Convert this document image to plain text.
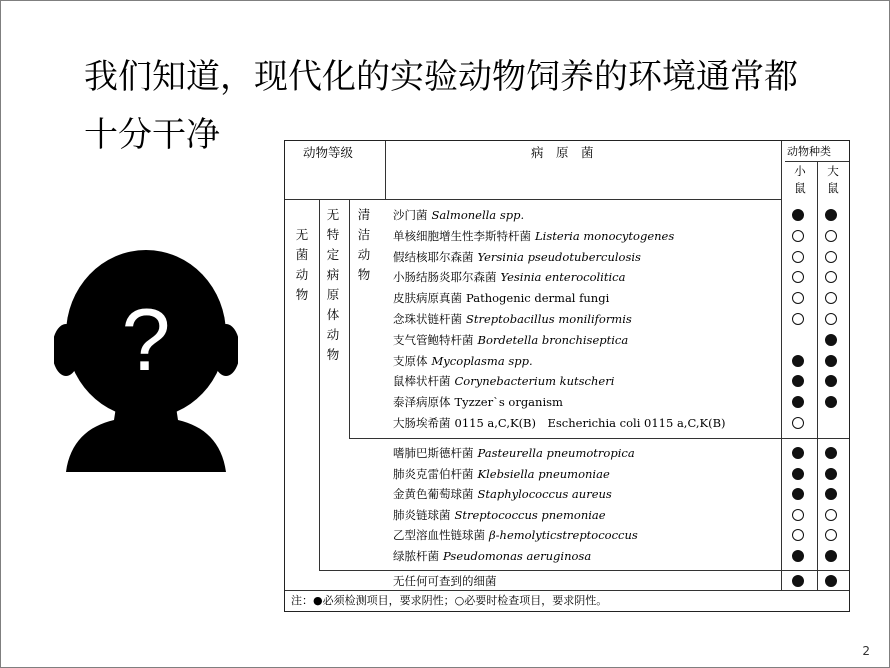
我们知道，现代化的实验动物饲养的环境通常都
十分干净
?
动物等级	病　原　菌	动物种类
小
鼠
大
鼠
无
菌
动
物
无
特
定
病
原
体
动
物
清
洁
动
物
沙门菌 Salmonella spp.
单核细胞增生性李斯特杆菌 Listeria monocytogenes
假结核耶尔森菌 Yersinia pseudotuberculosis
小肠结肠炎耶尔森菌 Yesinia enterocolitica
皮肤病原真菌 Pathogenic dermal fungi
念珠状链杆菌 Streptobacillus moniliformis
支气管鲍特杆菌 Bordetella bronchiseptica
支原体 Mycoplasma spp.
鼠棒状杆菌 Corynebacterium kutscheri
泰泽病原体 Tyzzer`s organism
大肠埃希菌 0115 a,C,K(B)　Escherichia coli 0115 a,C,K(B)
嗜肺巴斯德杆菌 Pasteurella pneumotropica
肺炎克雷伯杆菌 Klebsiella pneumoniae
金黄色葡萄球菌 Staphylococcus aureus
肺炎链球菌 Streptococcus pnemoniae
乙型溶血性链球菌 β-hemolyticstreptococcus
绿脓杆菌 Pseudomonas aeruginosa
无任何可查到的细菌
注：●必须检测项目，要求阴性；○必要时检查项目，要求阴性。
2
